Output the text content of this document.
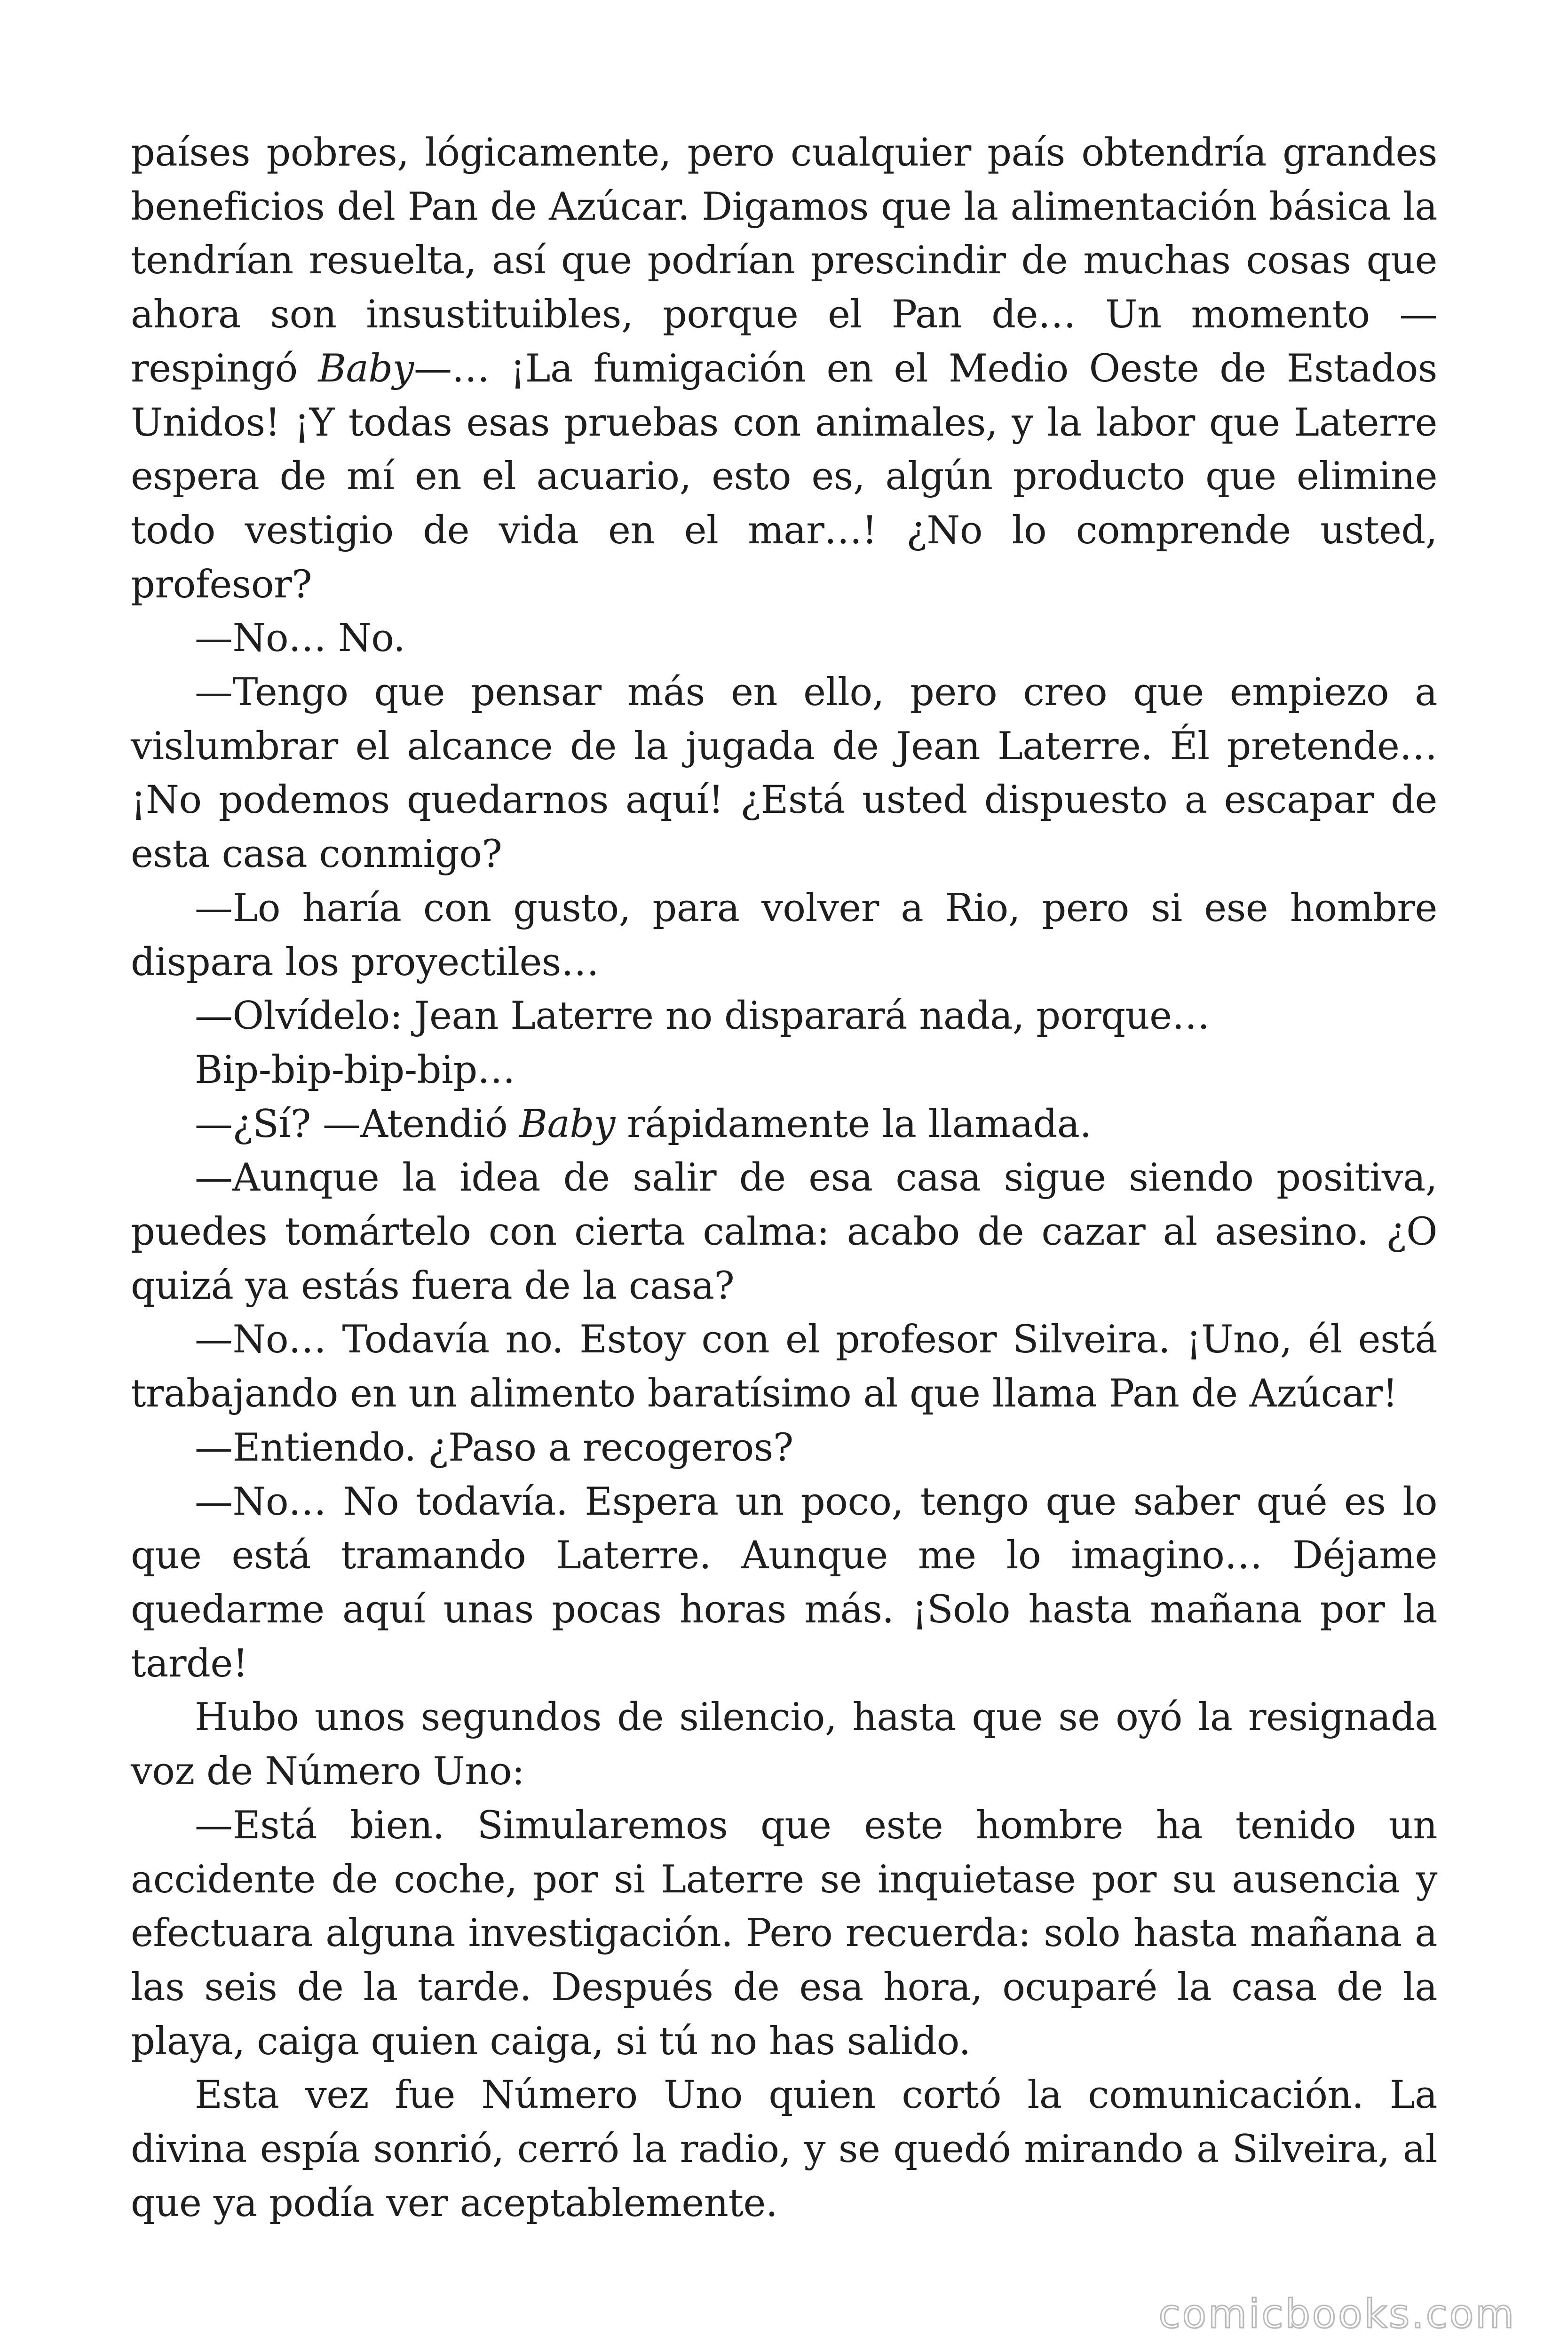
países pobres, lógicamente, pero cualquier país obtendría grandes beneficios del Pan de Azúcar. Digamos que la alimentación básica la tendrían resuelta, así que podrían prescindir de muchas cosas que ahora son insustituibles, porque el Pan de… Un momento —respingó Baby—… ¡La fumigación en el Medio Oeste de Estados Unidos! ¡Y todas esas pruebas con animales, y la labor que Laterre espera de mí en el acuario, esto es, algún producto que elimine todo vestigio de vida en el mar…! ¿No lo comprende usted, profesor?

—No… No.

—Tengo que pensar más en ello, pero creo que empiezo a vislumbrar el alcance de la jugada de Jean Laterre. Él pretende… ¡No podemos quedarnos aquí! ¿Está usted dispuesto a escapar de esta casa conmigo?

—Lo haría con gusto, para volver a Rio, pero si ese hombre dispara los proyectiles…

—Olvídelo: Jean Laterre no disparará nada, porque…

Bip-bip-bip-bip…

—¿Sí? —Atendió Baby rápidamente la llamada.

—Aunque la idea de salir de esa casa sigue siendo positiva, puedes tomártelo con cierta calma: acabo de cazar al asesino. ¿O quizá ya estás fuera de la casa?

—No… Todavía no. Estoy con el profesor Silveira. ¡Uno, él está trabajando en un alimento baratísimo al que llama Pan de Azúcar!

—Entiendo. ¿Paso a recogeros?

—No… No todavía. Espera un poco, tengo que saber qué es lo que está tramando Laterre. Aunque me lo imagino… Déjame quedarme aquí unas pocas horas más. ¡Solo hasta mañana por la tarde!

Hubo unos segundos de silencio, hasta que se oyó la resignada voz de Número Uno:

—Está bien. Simularemos que este hombre ha tenido un accidente de coche, por si Laterre se inquietase por su ausencia y efectuara alguna investigación. Pero recuerda: solo hasta mañana a las seis de la tarde. Después de esa hora, ocuparé la casa de la playa, caiga quien caiga, si tú no has salido.

Esta vez fue Número Uno quien cortó la comunicación. La divina espía sonrió, cerró la radio, y se quedó mirando a Silveira, al que ya podía ver aceptablemente.

comicbooks.com
